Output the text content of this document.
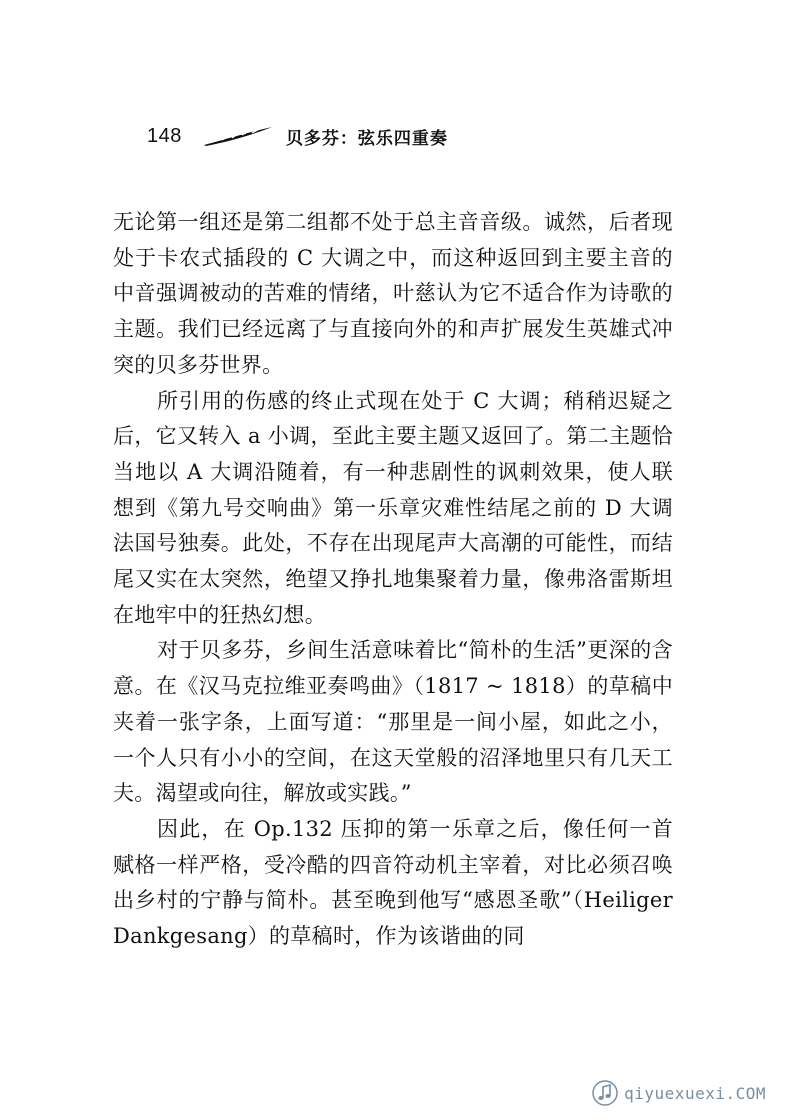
148	贝多芬：弦乐四重奏

无论第一组还是第二组都不处于总主音音级。诚然，后者现处于卡农式插段的 C 大调之中，而这种返回到主要主音的中音强调被动的苦难的情绪，叶慈认为它不适合作为诗歌的主题。我们已经远离了与直接向外的和声扩展发生英雄式冲突的贝多芬世界。

所引用的伤感的终止式现在处于 C 大调；稍稍迟疑之后，它又转入 a 小调，至此主要主题又返回了。第二主题恰当地以 A 大调沿随着，有一种悲剧性的讽刺效果，使人联想到《第九号交响曲》第一乐章灾难性结尾之前的 D 大调法国号独奏。此处，不存在出现尾声大高潮的可能性，而结尾又实在太突然，绝望又挣扎地集聚着力量，像弗洛雷斯坦在地牢中的狂热幻想。

对于贝多芬，乡间生活意味着比“简朴的生活”更深的含意。在《汉马克拉维亚奏鸣曲》（1817 ~ 1818）的草稿中夹着一张字条，上面写道：“那里是一间小屋，如此之小，一个人只有小小的空间，在这天堂般的沼泽地里只有几天工夫。渴望或向往，解放或实践。”

因此，在 Op.132 压抑的第一乐章之后，像任何一首赋格一样严格，受冷酷的四音符动机主宰着，对比必须召唤出乡村的宁静与简朴。甚至晚到他写“感恩圣歌”（Heiliger Dankgesang）的草稿时，作为该谐曲的同

qiyuexuexi.COM
